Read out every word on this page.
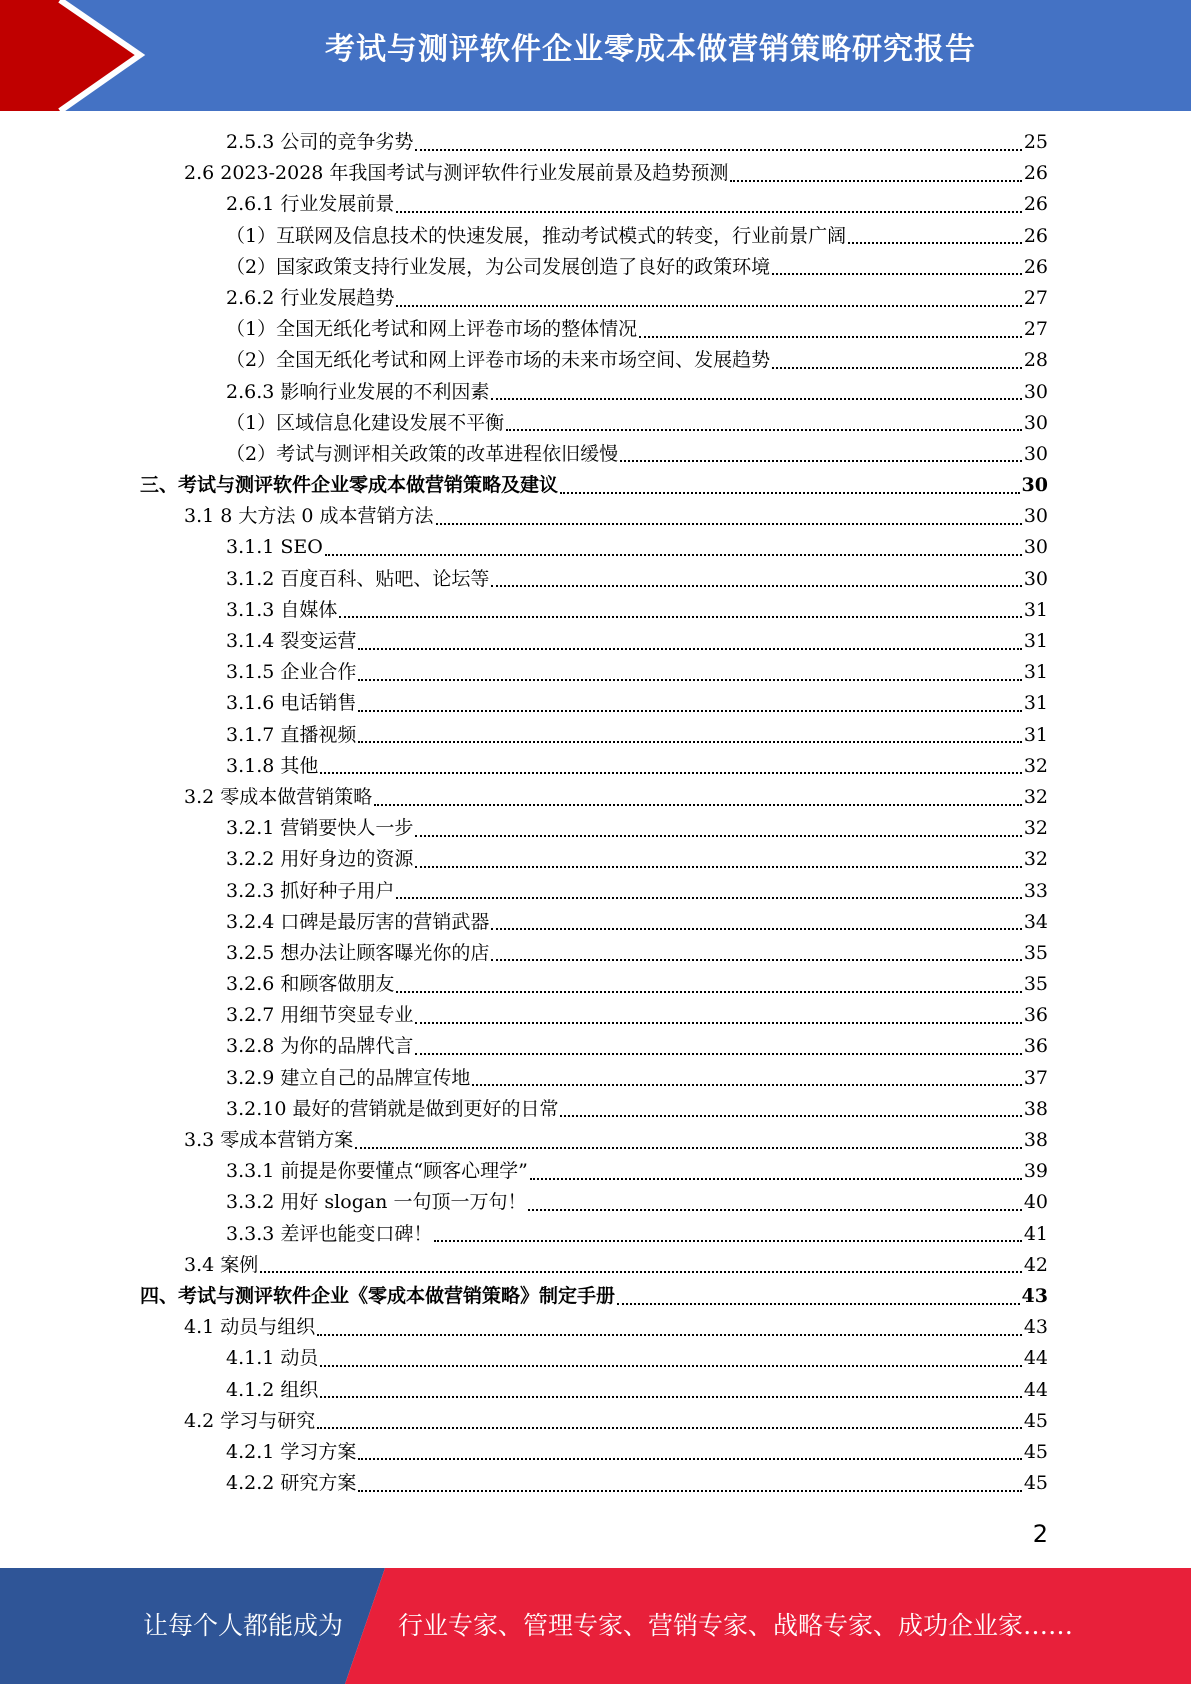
考试与测评软件企业零成本做营销策略研究报告
2.5.3 公司的竞争劣势	25
2.6 2023-2028 年我国考试与测评软件行业发展前景及趋势预测	26
2.6.1 行业发展前景	26
（1）互联网及信息技术的快速发展，推动考试模式的转变，行业前景广阔	26
（2）国家政策支持行业发展，为公司发展创造了良好的政策环境	26
2.6.2 行业发展趋势	27
（1）全国无纸化考试和网上评卷市场的整体情况	27
（2）全国无纸化考试和网上评卷市场的未来市场空间、发展趋势	28
2.6.3 影响行业发展的不利因素	30
（1）区域信息化建设发展不平衡	30
（2）考试与测评相关政策的改革进程依旧缓慢	30
三、考试与测评软件企业零成本做营销策略及建议	30
3.1 8 大方法 0 成本营销方法	30
3.1.1 SEO	30
3.1.2 百度百科、贴吧、论坛等	30
3.1.3 自媒体	31
3.1.4 裂变运营	31
3.1.5 企业合作	31
3.1.6 电话销售	31
3.1.7 直播视频	31
3.1.8 其他	32
3.2 零成本做营销策略	32
3.2.1 营销要快人一步	32
3.2.2 用好身边的资源	32
3.2.3 抓好种子用户	33
3.2.4 口碑是最厉害的营销武器	34
3.2.5 想办法让顾客曝光你的店	35
3.2.6 和顾客做朋友	35
3.2.7 用细节突显专业	36
3.2.8 为你的品牌代言	36
3.2.9 建立自己的品牌宣传地	37
3.2.10 最好的营销就是做到更好的日常	38
3.3 零成本营销方案	38
3.3.1 前提是你要懂点“顾客心理学”	39
3.3.2 用好 slogan 一句顶一万句！	40
3.3.3 差评也能变口碑！	41
3.4 案例	42
四、考试与测评软件企业《零成本做营销策略》制定手册	43
4.1 动员与组织	43
4.1.1 动员	44
4.1.2 组织	44
4.2 学习与研究	45
4.2.1 学习方案	45
4.2.2 研究方案	45
2
让每个人都能成为 行业专家、管理专家、营销专家、战略专家、成功企业家……
